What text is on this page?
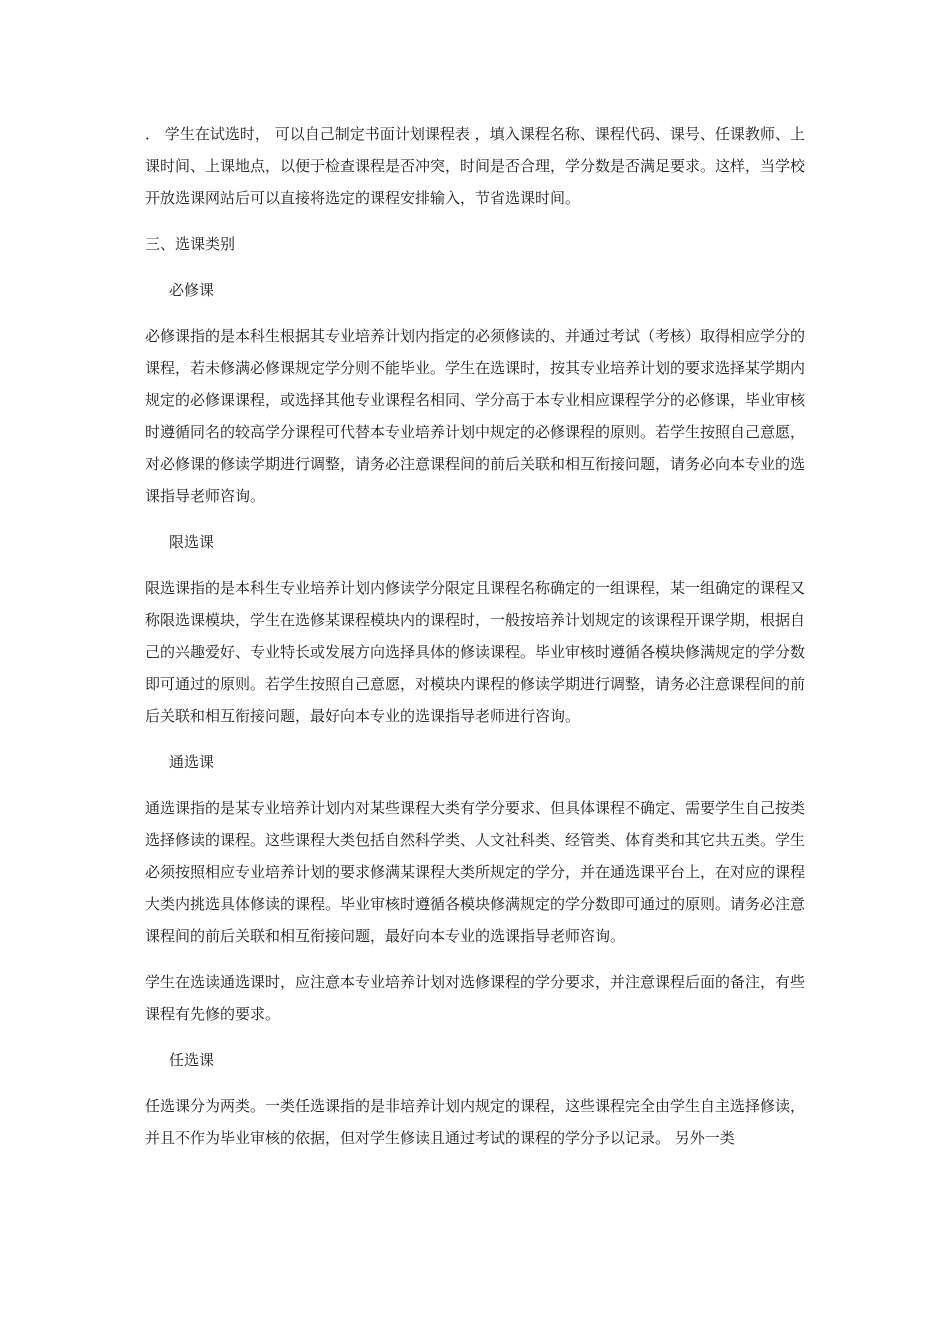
． 学生在试选时， 可以自己制定书面计划课程表 ，填入课程名称、课程代码、课号、任课教师、上课时间、上课地点，以便于检查课程是否冲突，时间是否合理，学分数是否满足要求。这样，当学校开放选课网站后可以直接将选定的课程安排输入，节省选课时间。

三、选课类别

必修课

必修课指的是本科生根据其专业培养计划内指定的必须修读的、并通过考试（考核）取得相应学分的课程，若未修满必修课规定学分则不能毕业。学生在选课时，按其专业培养计划的要求选择某学期内规定的必修课课程，或选择其他专业课程名相同、学分高于本专业相应课程学分的必修课，毕业审核时遵循同名的较高学分课程可代替本专业培养计划中规定的必修课程的原则。若学生按照自己意愿，对必修课的修读学期进行调整，请务必注意课程间的前后关联和相互衔接问题，请务必向本专业的选课指导老师咨询。

限选课

限选课指的是本科生专业培养计划内修读学分限定且课程名称确定的一组课程，某一组确定的课程又称限选课模块，学生在选修某课程模块内的课程时，一般按培养计划规定的该课程开课学期，根据自己的兴趣爱好、专业特长或发展方向选择具体的修读课程。毕业审核时遵循各模块修满规定的学分数即可通过的原则。若学生按照自己意愿，对模块内课程的修读学期进行调整，请务必注意课程间的前后关联和相互衔接问题，最好向本专业的选课指导老师进行咨询。

通选课

通选课指的是某专业培养计划内对某些课程大类有学分要求、但具体课程不确定、需要学生自己按类选择修读的课程。这些课程大类包括自然科学类、人文社科类、经管类、体育类和其它共五类。学生必须按照相应专业培养计划的要求修满某课程大类所规定的学分，并在通选课平台上，在对应的课程大类内挑选具体修读的课程。毕业审核时遵循各模块修满规定的学分数即可通过的原则。请务必注意课程间的前后关联和相互衔接问题，最好向本专业的选课指导老师咨询。

学生在选读通选课时，应注意本专业培养计划对选修课程的学分要求，并注意课程后面的备注，有些课程有先修的要求。

任选课

任选课分为两类。一类任选课指的是非培养计划内规定的课程，这些课程完全由学生自主选择修读，并且不作为毕业审核的依据，但对学生修读且通过考试的课程的学分予以记录。 另外一类
